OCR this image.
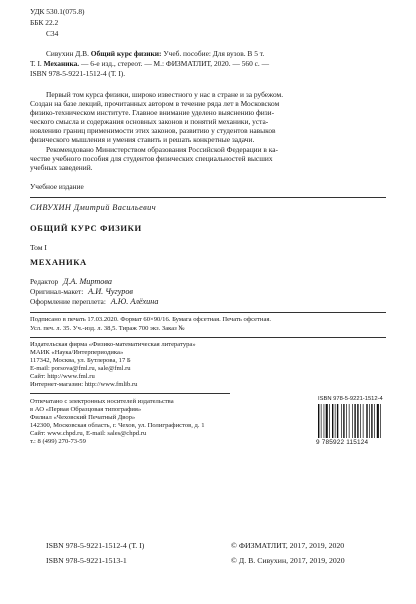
УДК 530.1(075.8)
ББК 22.2
С34
Сивухин Д.В. Общий курс физики: Учеб. пособие: Для вузов. В 5 т.
Т. I. Механика. — 6-е изд., стереот. — М.: ФИЗМАТЛИТ, 2020. — 560 с. —
ISBN 978-5-9221-1512-4 (Т. I).

Первый том курса физики, широко известного у нас в стране и за рубежом.

Создан на базе лекций, прочитанных автором в течение ряда лет в Московском

физико-техническом институте. Главное внимание уделено выяснению физи-

ческого смысла и содержания основных законов и понятий механики, уста-

новлению границ применимости этих законов, развитию у студентов навыков

физического мышления и умения ставить и решать конкретные задачи.

Рекомендовано Министерством образования Российской Федерации в ка-

честве учебного пособия для студентов физических специальностей высших

учебных заведений.

Учебное издание
СИВУХИН Дмитрий Васильевич
ОБЩИЙ КУРС ФИЗИКИ
Том I
МЕХАНИКА
Редактор Д.А. Миртова
Оригинал-макет: А.И. Чугуров
Оформление переплета: А.Ю. Алёхина
Подписано в печать 17.03.2020. Формат 60×90/16. Бумага офсетная. Печать офсетная.
Усл. печ. л. 35. Уч.-изд. л. 38,5. Тираж 700 экз. Заказ №
Издательская фирма «Физико-математическая литература»
МАИК «Наука/Интерпериодика»
117342, Москва, ул. Бутлерова, 17 Б
E-mail: porsova@fml.ru, sale@fml.ru
Сайт: http://www.fml.ru
Интернет-магазин: http://www.fmlib.ru
Отпечатано с электронных носителей издательства
в АО «Первая Образцовая типография»
Филиал «Чеховский Печатный Двор»
142300, Московская область, г. Чехов, ул. Полиграфистов, д. 1
Сайт: www.chpd.ru, E-mail: sales@chpd.ru
т.: 8 (499) 270-73-59
ISBN 978-5-9221-1512-4
9 785922 115124
ISBN 978-5-9221-1512-4 (Т. I)
ISBN 978-5-9221-1513-1
© ФИЗМАТЛИТ, 2017, 2019, 2020
© Д. В. Сивухин, 2017, 2019, 2020
